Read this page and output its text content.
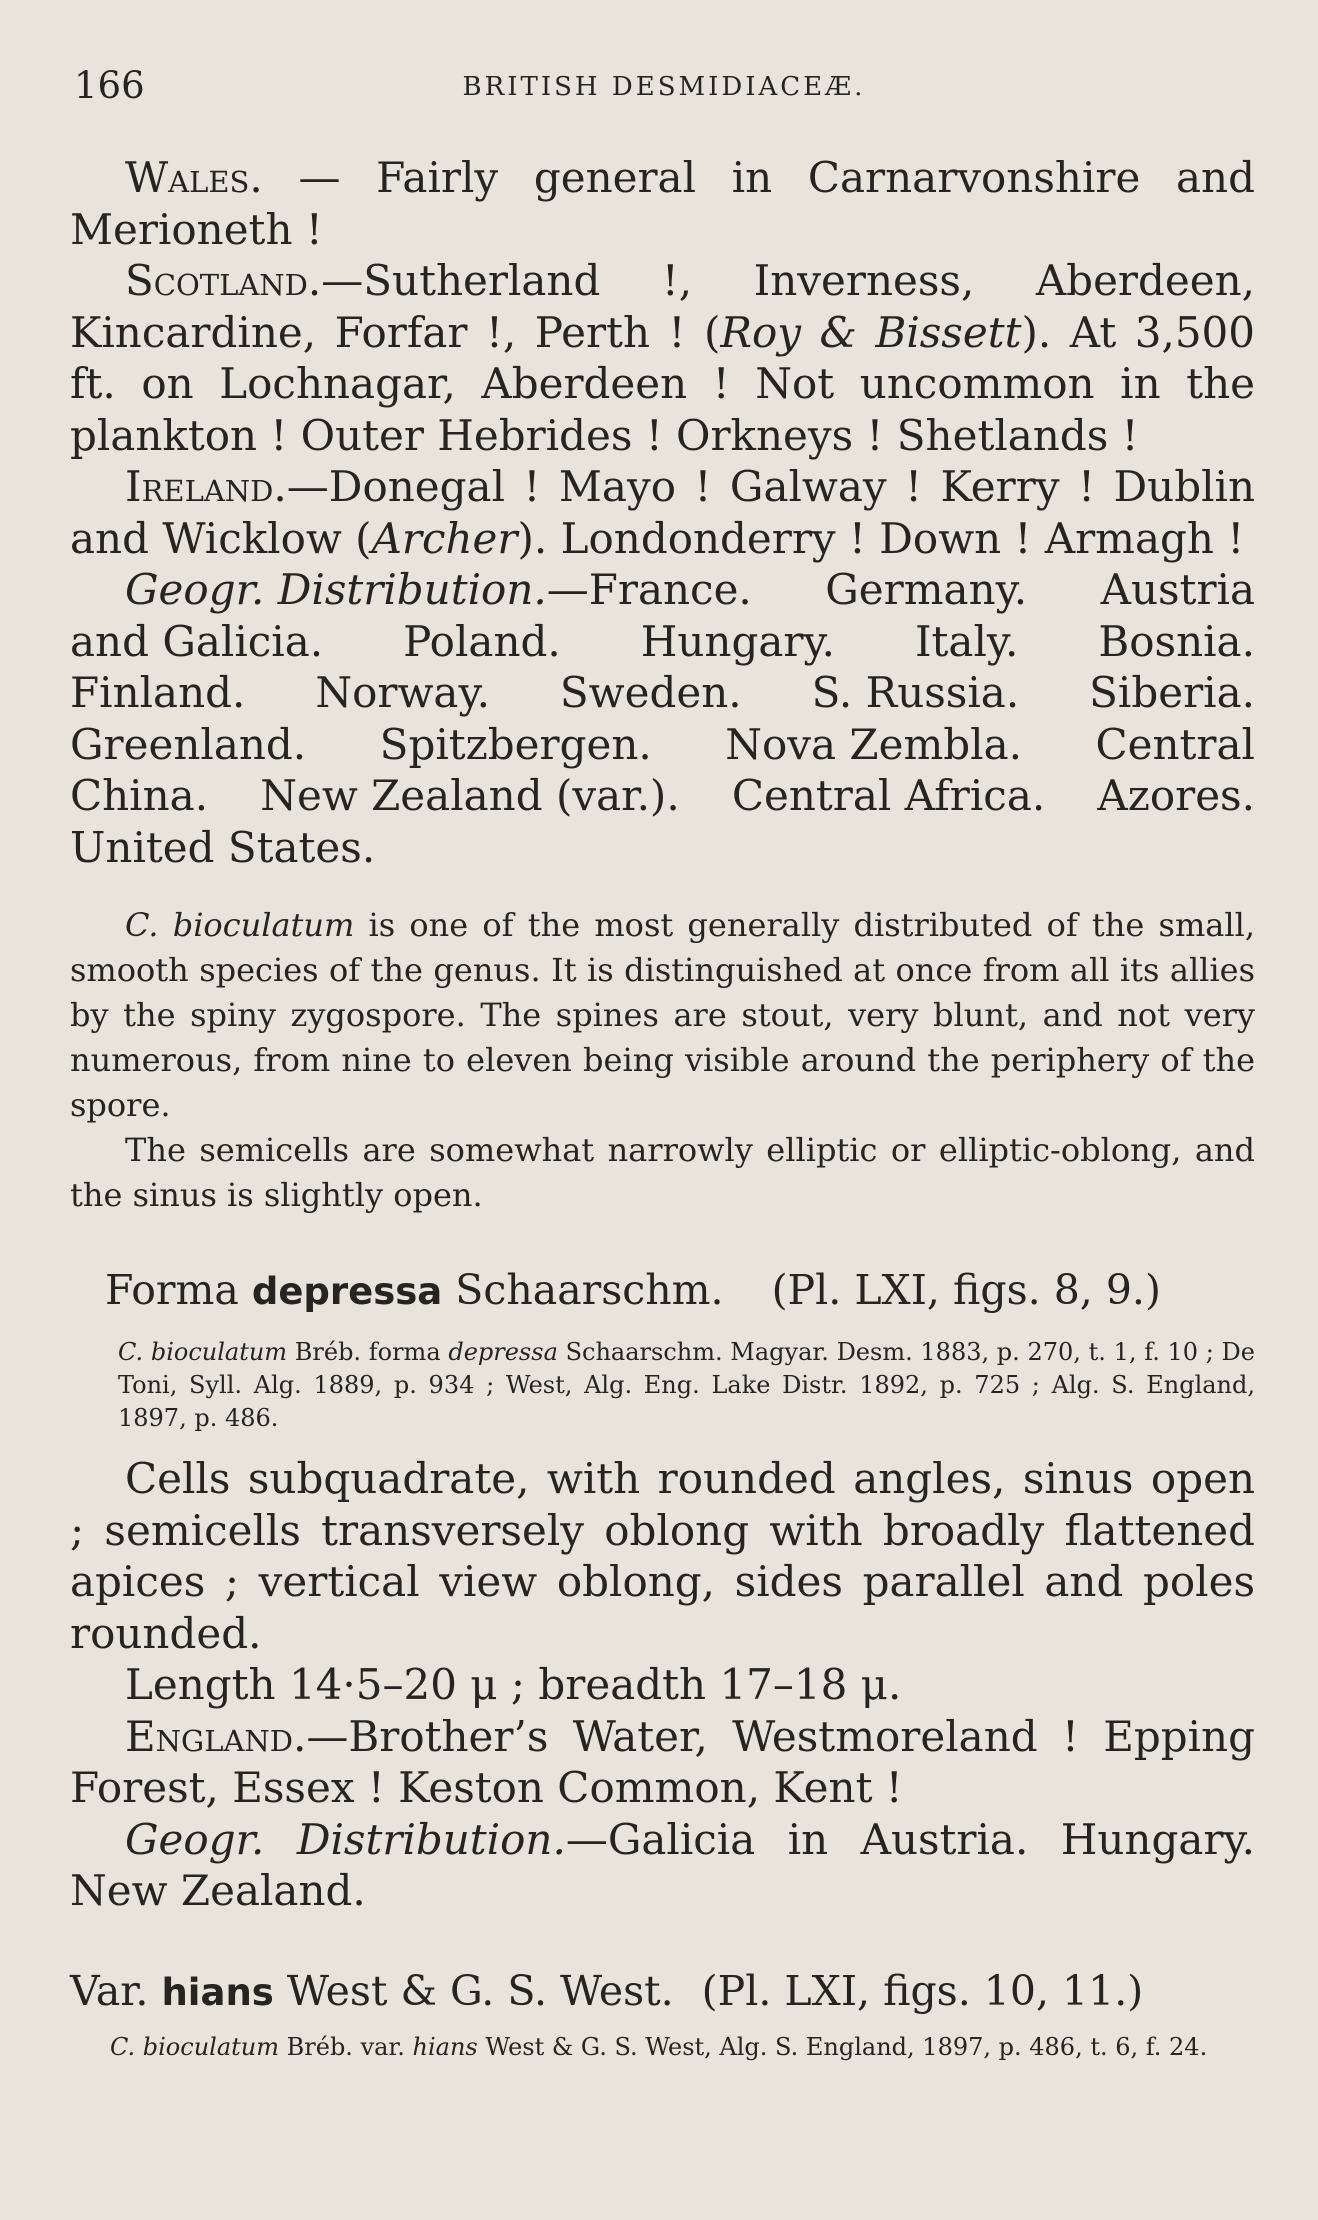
166	BRITISH DESMIDIACEÆ.

Wales. — Fairly general in Carnarvonshire and Merioneth !

Scotland.—Sutherland !, Inverness, Aberdeen, Kincardine, Forfar !, Perth ! (Roy & Bissett). At 3,500 ft. on Lochnagar, Aberdeen ! Not uncommon in the plankton ! Outer Hebrides ! Orkneys ! Shetlands !

Ireland.—Donegal ! Mayo ! Galway ! Kerry ! Dublin and Wicklow (Archer). Londonderry ! Down ! Armagh !

Geogr. Distribution.—France. Germany. Austria
and Galicia. Poland. Hungary. Italy. Bosnia.
Finland. Norway. Sweden. S. Russia. Siberia.
Greenland. Spitzbergen. Nova Zembla. Central
China. New Zealand (var.). Central Africa. Azores.
United States.

C. bioculatum is one of the most generally distributed of the small, smooth species of the genus. It is distinguished at once from all its allies by the spiny zygospore. The spines are stout, very blunt, and not very numerous, from nine to eleven being visible around the periphery of the spore.

The semicells are somewhat narrowly elliptic or elliptic-oblong, and the sinus is slightly open.

Forma depressa Schaarschm. (Pl. LXI, figs. 8, 9.)

C. bioculatum Bréb. forma depressa Schaarschm. Magyar. Desm. 1883, p. 270, t. 1, f. 10 ; De Toni, Syll. Alg. 1889, p. 934 ; West, Alg. Eng. Lake Distr. 1892, p. 725 ; Alg. S. England, 1897, p. 486.

Cells subquadrate, with rounded angles, sinus open ; semicells transversely oblong with broadly flattened apices ; vertical view oblong, sides parallel and poles rounded.

Length 14·5–20 μ ; breadth 17–18 μ.

England.—Brother’s Water, Westmoreland ! Epping Forest, Essex ! Keston Common, Kent !

Geogr. Distribution.—Galicia in Austria. Hungary. New Zealand.

Var. hians West & G. S. West. (Pl. LXI, figs. 10, 11.)

C. bioculatum Bréb. var. hians West & G. S. West, Alg. S. England, 1897, p. 486, t. 6, f. 24.
